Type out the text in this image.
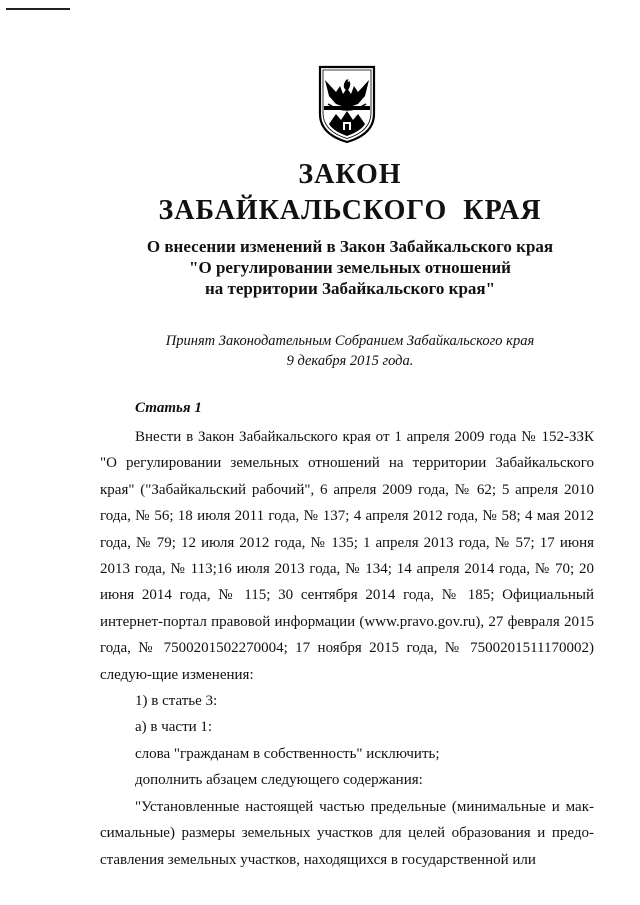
ЗАКОН
ЗАБАЙКАЛЬСКОГО КРАЯ
О внесении изменений в Закон Забайкальского края
"О регулировании земельных отношений
на территории Забайкальского края"
Принят Законодательным Собранием Забайкальского края
9 декабря 2015 года.
Статья 1

Внести в Закон Забайкальского края от 1 апреля 2009 года № 152-ЗЗК "О регулировании земельных отношений на территории Забайкальского края" ("Забайкальский рабочий", 6 апреля 2009 года, № 62; 5 апреля 2010 года, № 56; 18 июля 2011 года, № 137; 4 апреля 2012 года, № 58; 4 мая 2012 года, № 79; 12 июля 2012 года, № 135; 1 апреля 2013 года, № 57; 17 июня 2013 года, № 113;16 июля 2013 года, № 134; 14 апреля 2014 года, № 70; 20 июня 2014 года, № 115; 30 сентября 2014 года, № 185; Официальный интернет-портал правовой информации (www.pravo.gov.ru), 27 февраля 2015 года, № 7500201502270004; 17 ноября 2015 года, № 7500201511170002) следую-щие изменения:

1) в статье 3:

а) в части 1:

слова "гражданам в собственность" исключить;

дополнить абзацем следующего содержания:

"Установленные настоящей частью предельные (минимальные и мак-симальные) размеры земельных участков для целей образования и предо-ставления земельных участков, находящихся в государственной или
